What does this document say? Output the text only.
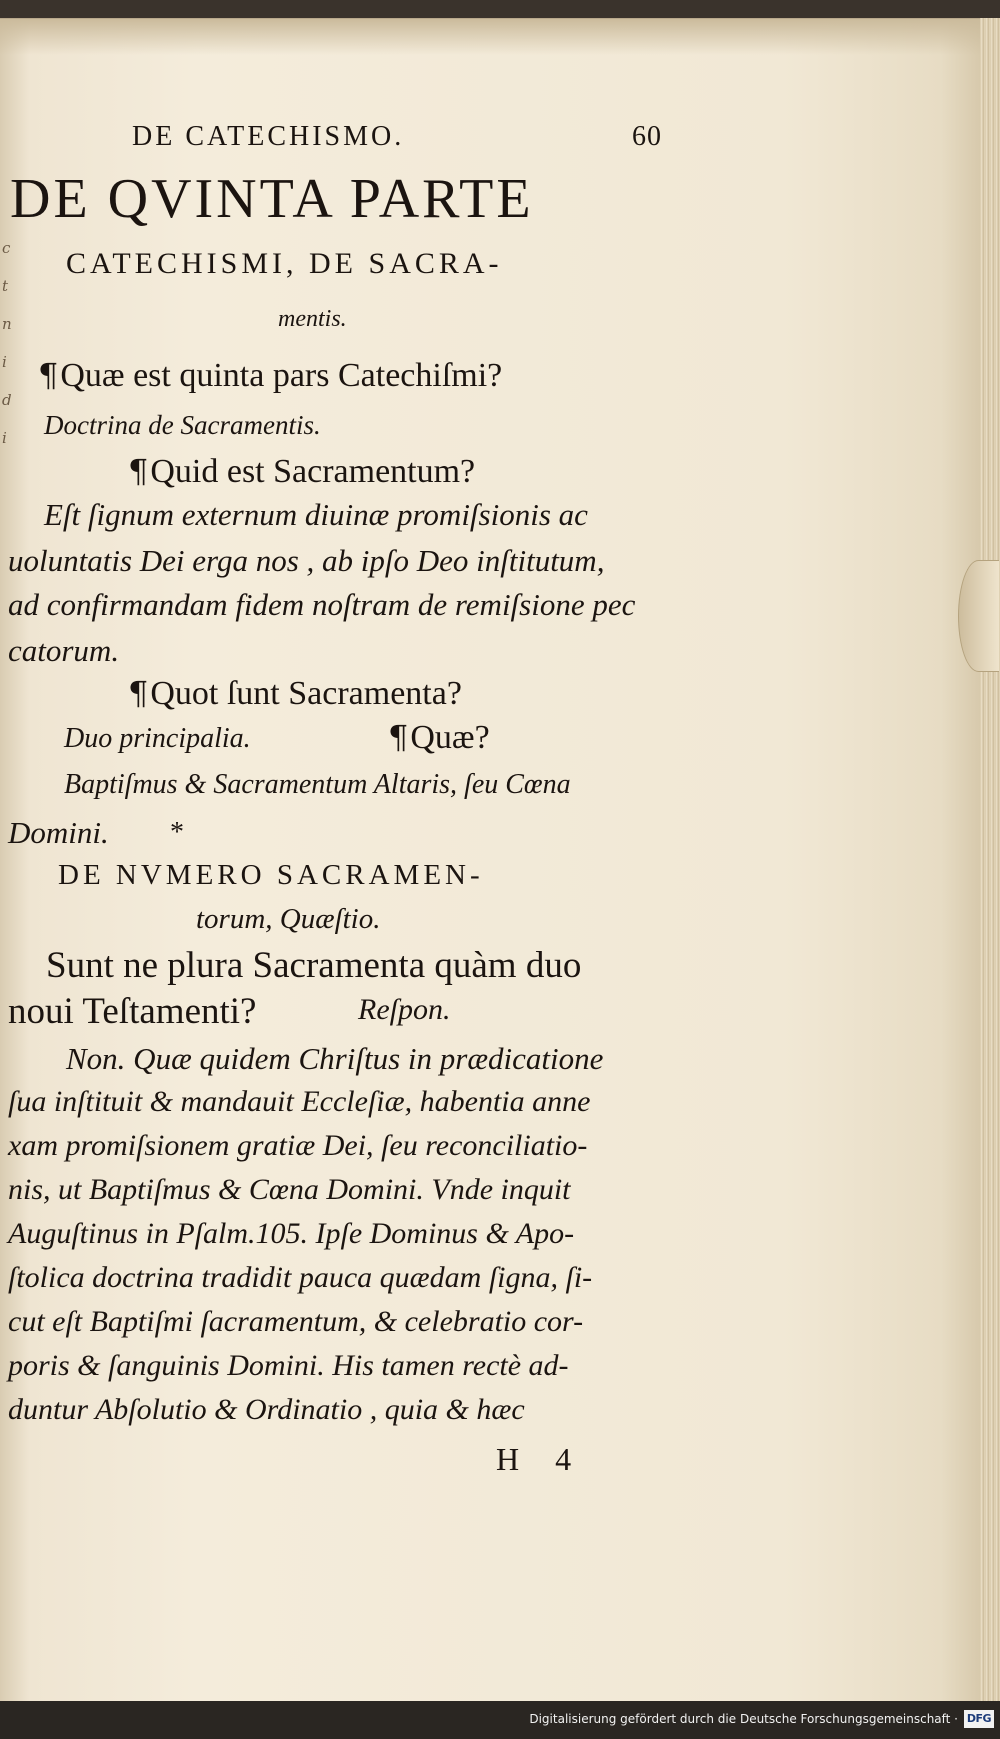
c
t
n
i
d
i
DE CATECHISMO.	60
DE QVINTA PARTE
CATECHISMI, DE SACRA-
mentis.
¶Quæ est quinta pars Catechiſmi?
Doctrina de Sacramentis.
¶Quid est Sacramentum?
Eſt ſignum externum diuinæ promiſsionis ac
uoluntatis Dei erga nos , ab ipſo Deo inſtitutum,
ad confirmandam fidem noſtram de remiſsione pec
catorum.
¶Quot ſunt Sacramenta?
Duo principalia.	¶Quæ?
Baptiſmus & Sacramentum Altaris, ſeu Cœna
Domini. *
DE NVMERO SACRAMEN-
torum, Quæſtio.
Sunt ne plura Sacramenta quàm duo
noui Teſtamenti?	Reſpon.
Non. Quæ quidem Chriſtus in prædicatione
ſua inſtituit & mandauit Eccleſiæ, habentia anne
xam promiſsionem gratiæ Dei, ſeu reconciliatio-
nis, ut Baptiſmus & Cœna Domini. Vnde inquit
Auguſtinus in Pſalm.105. Ipſe Dominus & Apo-
ſtolica doctrina tradidit pauca quædam ſigna, ſi-
cut eſt Baptiſmi ſacramentum, & celebratio cor-
poris & ſanguinis Domini. His tamen rectè ad-
duntur Abſolutio & Ordinatio , quia & hæc
H 4
Digitalisierung gefördert durch die Deutsche Forschungsgemeinschaft · DFG
